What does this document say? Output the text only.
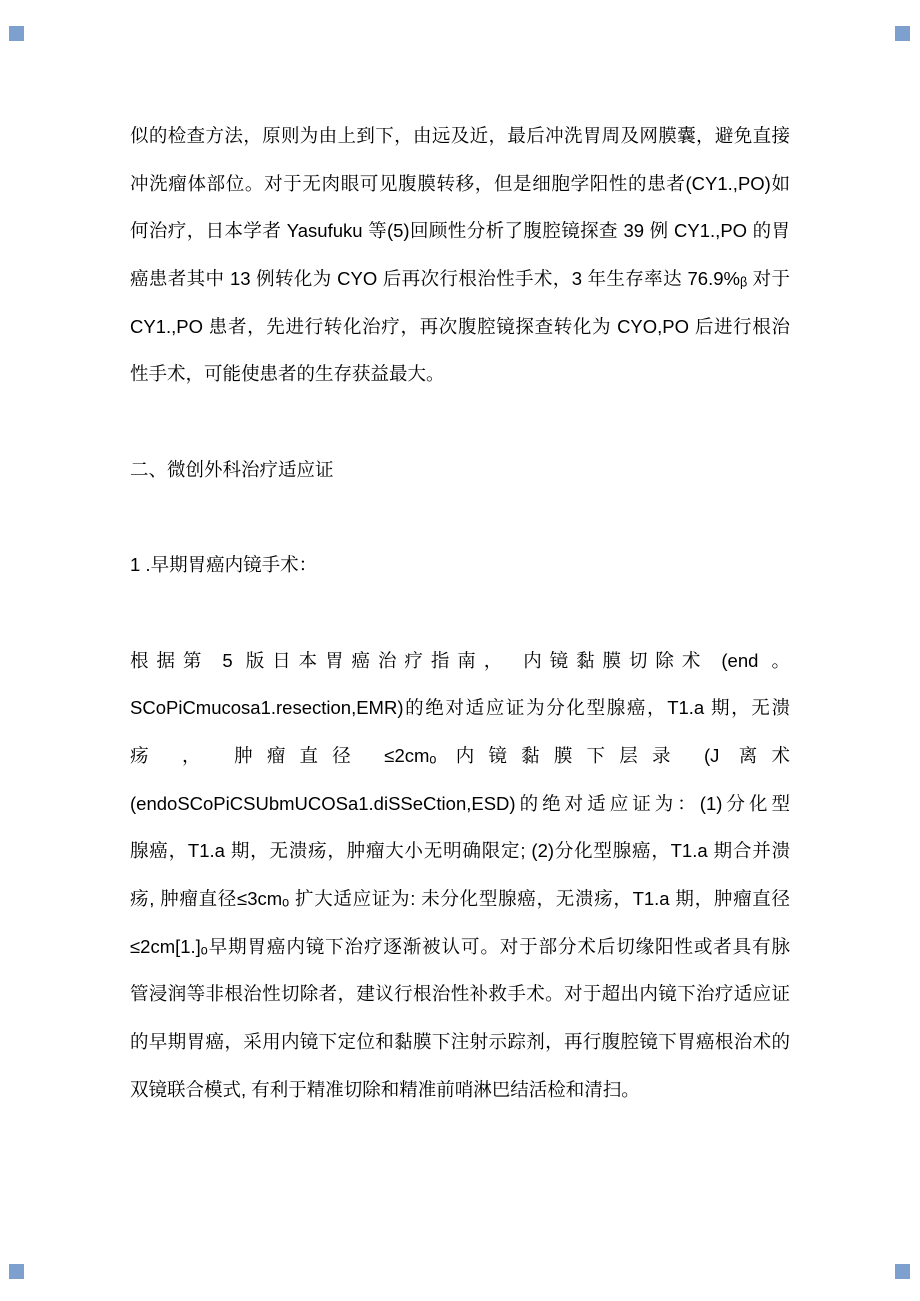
似的检查方法，原则为由上到下，由远及近，最后冲洗胃周及网膜囊，避免直接
冲洗瘤体部位。对于无肉眼可见腹膜转移，但是细胞学阳性的患者(CY1.,PO)如
何治疗，日本学者 Yasufuku 等(5)回顾性分析了腹腔镜探查 39 例 CY1.,PO 的胃
癌患者其中 13 例转化为 CYO 后再次行根治性手术，3 年生存率达 76.9%ᵦ 对于
CY1.,PO 患者，先进行转化治疗，再次腹腔镜探查转化为 CYO,PO 后进行根治
性手术，可能使患者的生存获益最大。
二、微创外科治疗适应证
1 .早期胃癌内镜手术：
根据第 5 版日本胃癌治疗指南， 内镜黏膜切除术 (end 。
SCoPiCmucosa1.resection,EMR)的绝对适应证为分化型腺癌，T1.a 期，无溃
疡 ， 肿瘤直径 ≤2cmₒ 内镜黏膜下层录 (J 离术
(endoSCoPiCSUbmUCOSa1.diSSeCtion,ESD)的绝对适应证为：(1)分化型
腺癌，T1.a 期，无溃疡，肿瘤大小无明确限定; (2)分化型腺癌，T1.a 期合并溃
疡, 肿瘤直径≤3cmₒ 扩大适应证为: 未分化型腺癌，无溃疡，T1.a 期，肿瘤直径
≤2cm[1.]ₒ早期胃癌内镜下治疗逐渐被认可。对于部分术后切缘阳性或者具有脉
管浸润等非根治性切除者，建议行根治性补救手术。对于超出内镜下治疗适应证
的早期胃癌，采用内镜下定位和黏膜下注射示踪剂，再行腹腔镜下胃癌根治术的
双镜联合模式, 有利于精准切除和精准前哨淋巴结活检和清扫。
